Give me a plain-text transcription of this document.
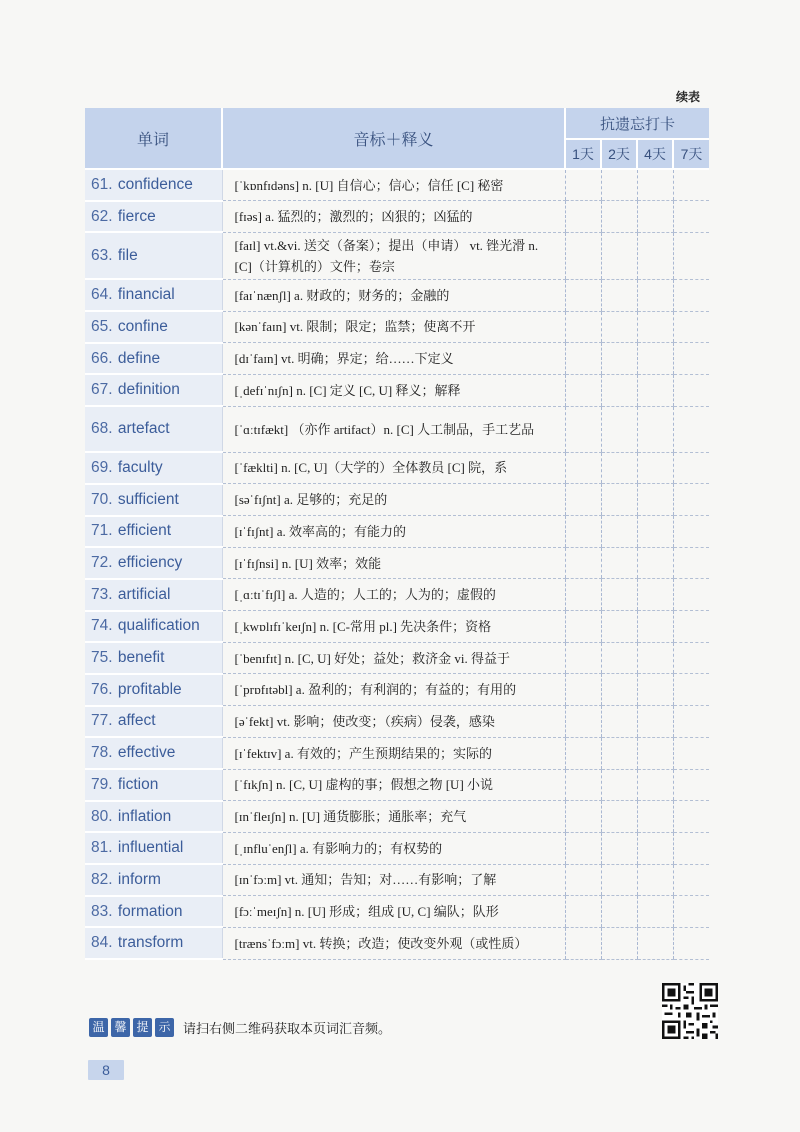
续表
单词	音标＋释义	抗遗忘打卡			
		1天	2天	4天	7天
61. confidence	[ˈkɒnfɪdəns] n. [U] 自信心；信心；信任 [C] 秘密				
62. fierce	[fɪəs] a. 猛烈的；激烈的；凶狠的；凶猛的				
63. file	[faɪl] vt.&vi. 送交（备案）；提出（申请） vt. 锉光滑 n. [C]（计算机的）文件；卷宗				
64. financial	[faɪˈnænʃl] a. 财政的；财务的；金融的				
65. confine	[kənˈfaɪn] vt. 限制；限定；监禁；使离不开				
66. define	[dɪˈfaɪn] vt. 明确；界定；给……下定义				
67. definition	[ˌdefɪˈnɪʃn] n. [C] 定义 [C, U] 释义；解释				
68. artefact	[ˈɑːtɪfækt] （亦作 artifact）n. [C] 人工制品，手工艺品				
69. faculty	[ˈfæklti] n. [C, U]（大学的）全体教员 [C] 院，系				
70. sufficient	[səˈfɪʃnt] a. 足够的；充足的				
71. efficient	[ɪˈfɪʃnt] a. 效率高的；有能力的				
72. efficiency	[ɪˈfɪʃnsi] n. [U] 效率；效能				
73. artificial	[ˌɑːtɪˈfɪʃl] a. 人造的；人工的；人为的；虚假的				
74. qualification	[ˌkwɒlɪfɪˈkeɪʃn] n. [C-常用 pl.] 先决条件；资格				
75. benefit	[ˈbenɪfɪt] n. [C, U] 好处；益处；救济金 vi. 得益于				
76. profitable	[ˈprɒfɪtəbl] a. 盈利的；有利润的；有益的；有用的				
77. affect	[əˈfekt] vt. 影响；使改变；（疾病）侵袭，感染				
78. effective	[ɪˈfektɪv] a. 有效的；产生预期结果的；实际的				
79. fiction	[ˈfɪkʃn] n. [C, U] 虚构的事；假想之物 [U] 小说				
80. inflation	[ɪnˈfleɪʃn] n. [U] 通货膨胀；通胀率；充气				
81. influential	[ˌɪnfluˈenʃl] a. 有影响力的；有权势的				
82. inform	[ɪnˈfɔːm] vt. 通知；告知；对……有影响；了解				
83. formation	[fɔːˈmeɪʃn] n. [U] 形成；组成 [U, C] 编队；队形				
84. transform	[trænsˈfɔːm] vt. 转换；改造；使改变外观（或性质）				
温 馨 提 示 请扫右侧二维码获取本页词汇音频。
8
